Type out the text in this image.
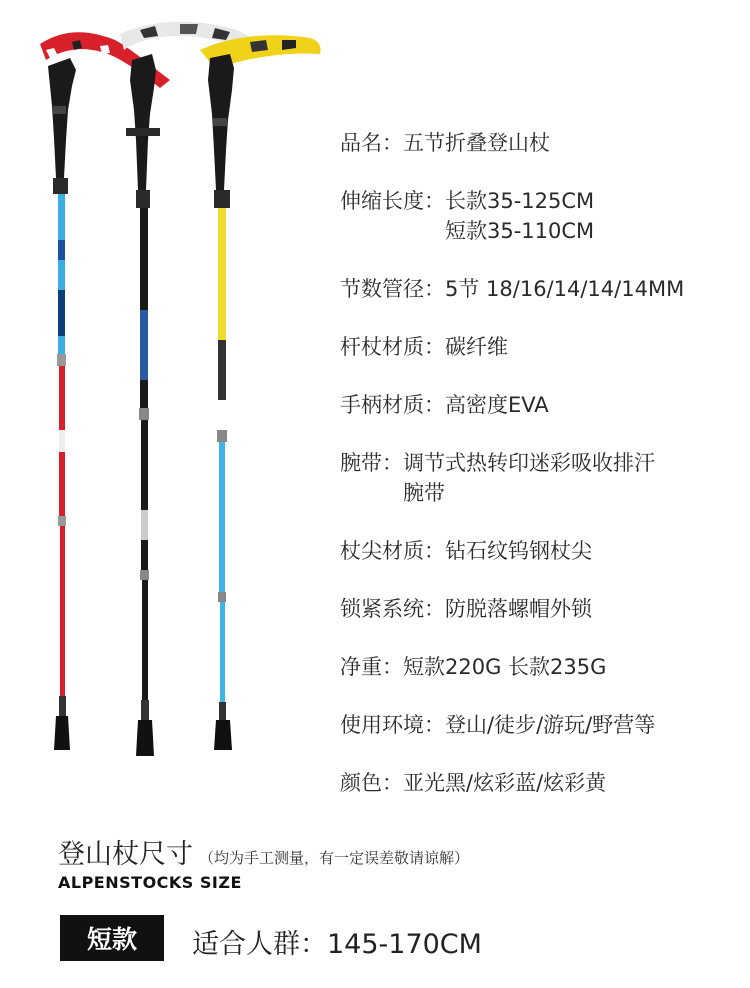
品名： 五节折叠登山杖
伸缩长度： 长款35-125CM
短款35-110CM
节数管径： 5节 18/16/14/14/14MM
杆杖材质： 碳纤维
手柄材质： 高密度EVA
腕带： 调节式热转印迷彩吸收排汗
腕带
杖尖材质： 钻石纹钨钢杖尖
锁紧系统： 防脱落螺帽外锁
净重： 短款220G 长款235G
使用环境： 登山/徒步/游玩/野营等
颜色： 亚光黑/炫彩蓝/炫彩黄
登山杖尺寸 （均为手工测量，有一定误差敬请谅解）
ALPENSTOCKS SIZE
短款	适合人群：145-170CM
